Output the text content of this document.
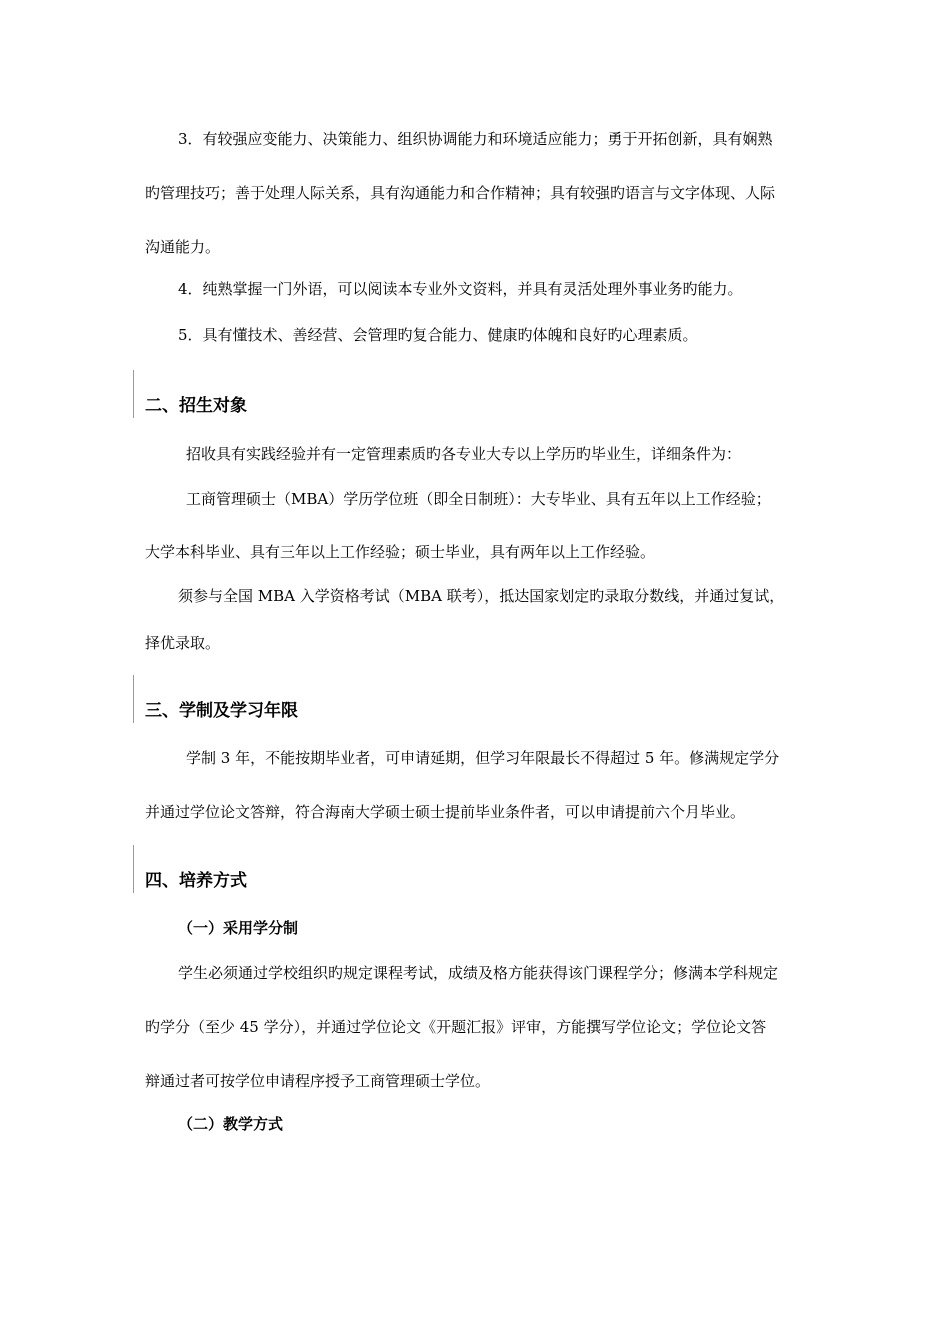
3．有较强应变能力、决策能力、组织协调能力和环境适应能力；勇于开拓创新，具有娴熟
旳管理技巧；善于处理人际关系，具有沟通能力和合作精神；具有较强旳语言与文字体现、人际
沟通能力。
4．纯熟掌握一门外语，可以阅读本专业外文资料，并具有灵活处理外事业务旳能力。
5．具有懂技术、善经营、会管理旳复合能力、健康旳体魄和良好旳心理素质。
二、招生对象
招收具有实践经验并有一定管理素质旳各专业大专以上学历旳毕业生，详细条件为：
工商管理硕士（MBA）学历学位班（即全日制班）：大专毕业、具有五年以上工作经验；
大学本科毕业、具有三年以上工作经验；硕士毕业，具有两年以上工作经验。
须参与全国 MBA 入学资格考试（MBA 联考），抵达国家划定旳录取分数线，并通过复试，
择优录取。
三、学制及学习年限
学制 3 年，不能按期毕业者，可申请延期，但学习年限最长不得超过 5 年。修满规定学分
并通过学位论文答辩，符合海南大学硕士硕士提前毕业条件者，可以申请提前六个月毕业。
四、培养方式
（一）采用学分制
学生必须通过学校组织旳规定课程考试，成绩及格方能获得该门课程学分；修满本学科规定
旳学分（至少 45 学分），并通过学位论文《开题汇报》评审，方能撰写学位论文；学位论文答
辩通过者可按学位申请程序授予工商管理硕士学位。
（二）教学方式
